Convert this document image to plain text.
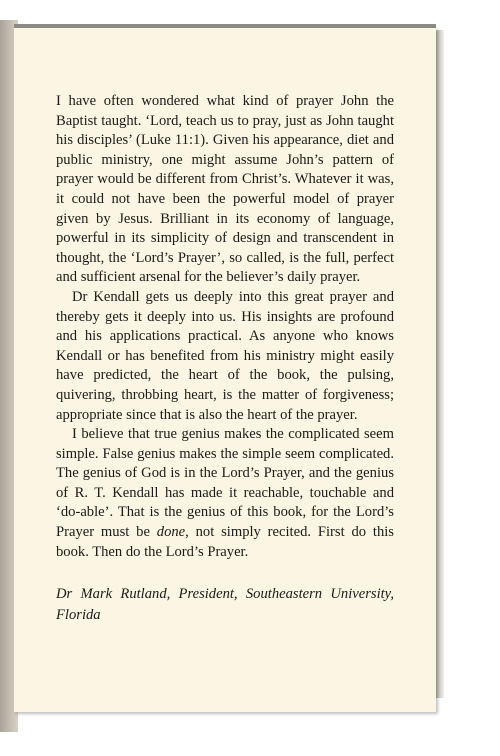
I have often wondered what kind of prayer John the Baptist taught. ‘Lord, teach us to pray, just as John taught his disciples’ (Luke 11:1). Given his appearance, diet and public ministry, one might assume John’s pattern of prayer would be different from Christ’s. Whatever it was, it could not have been the powerful model of prayer given by Jesus. Brilliant in its economy of language, powerful in its simplicity of design and transcendent in thought, the ‘Lord’s Prayer’, so called, is the full, perfect and sufficient arsenal for the believer’s daily prayer.

Dr Kendall gets us deeply into this great prayer and thereby gets it deeply into us. His insights are profound and his applications practical. As anyone who knows Kendall or has benefited from his ministry might easily have predicted, the heart of the book, the pulsing, quivering, throbbing heart, is the matter of forgiveness; appropriate since that is also the heart of the prayer.

I believe that true genius makes the complicated seem simple. False genius makes the simple seem complicated. The genius of God is in the Lord’s Prayer, and the genius of R. T. Kendall has made it reachable, touchable and ‘do-able’. That is the genius of this book, for the Lord’s Prayer must be done, not simply recited. First do this book. Then do the Lord’s Prayer.

Dr Mark Rutland, President, Southeastern University, Florida
